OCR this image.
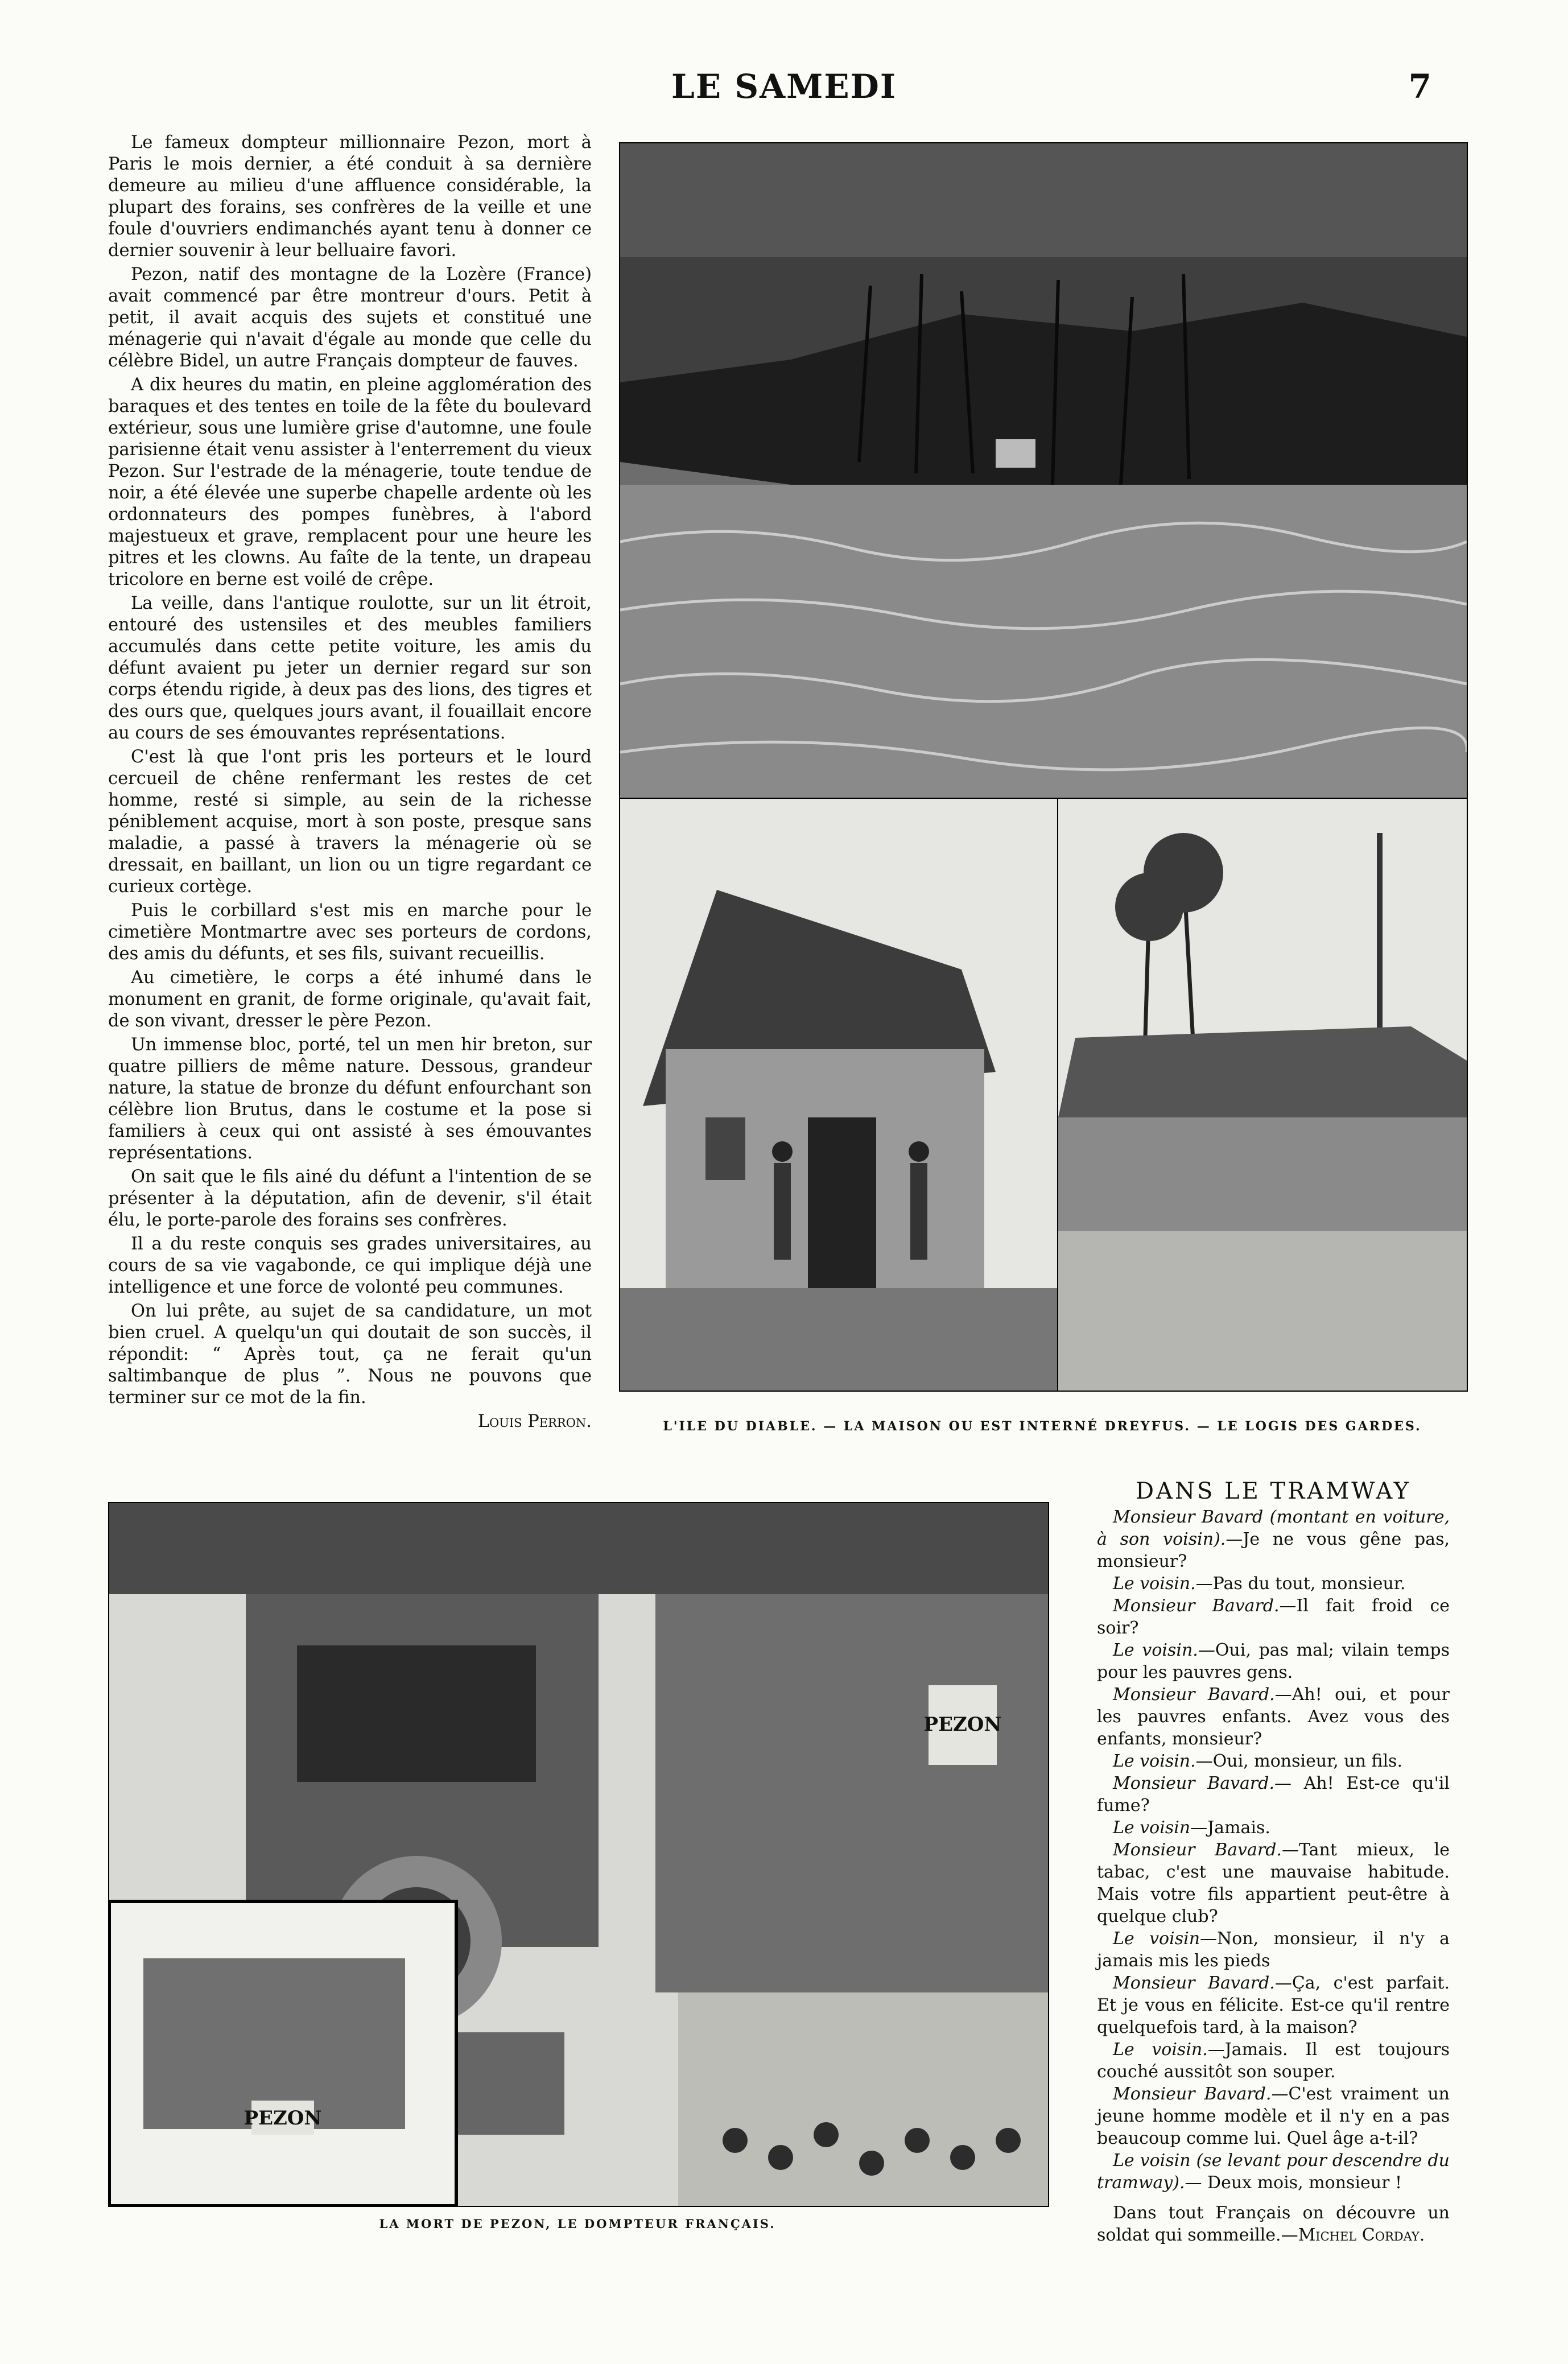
LE SAMEDI	7

Le fameux dompteur millionnaire Pezon, mort à Paris le mois dernier, a été conduit à sa dernière demeure au milieu d'une affluence considérable, la plupart des forains, ses confrères de la veille et une foule d'ouvriers endimanchés ayant tenu à donner ce dernier souvenir à leur belluaire favori.

Pezon, natif des montagne de la Lozère (France) avait commencé par être montreur d'ours. Petit à petit, il avait acquis des sujets et constitué une ménagerie qui n'avait d'égale au monde que celle du célèbre Bidel, un autre Français dompteur de fauves.

A dix heures du matin, en pleine agglomération des baraques et des tentes en toile de la fête du boulevard extérieur, sous une lumière grise d'automne, une foule parisienne était venu assister à l'enterrement du vieux Pezon. Sur l'estrade de la ménagerie, toute tendue de noir, a été élevée une superbe chapelle ardente où les ordonnateurs des pompes funèbres, à l'abord majestueux et grave, remplacent pour une heure les pitres et les clowns. Au faîte de la tente, un drapeau tricolore en berne est voilé de crêpe.

La veille, dans l'antique roulotte, sur un lit étroit, entouré des ustensiles et des meubles familiers accumulés dans cette petite voiture, les amis du défunt avaient pu jeter un dernier regard sur son corps étendu rigide, à deux pas des lions, des tigres et des ours que, quelques jours avant, il fouaillait encore au cours de ses émouvantes représentations.

C'est là que l'ont pris les porteurs et le lourd cercueil de chêne renfermant les restes de cet homme, resté si simple, au sein de la richesse péniblement acquise, mort à son poste, presque sans maladie, a passé à travers la ménagerie où se dressait, en baillant, un lion ou un tigre regardant ce curieux cortège.

Puis le corbillard s'est mis en marche pour le cimetière Montmartre avec ses porteurs de cordons, des amis du défunts, et ses fils, suivant recueillis.

Au cimetière, le corps a été inhumé dans le monument en granit, de forme originale, qu'avait fait, de son vivant, dresser le père Pezon.

Un immense bloc, porté, tel un men hir breton, sur quatre pilliers de même nature. Dessous, grandeur nature, la statue de bronze du défunt enfourchant son célèbre lion Brutus, dans le costume et la pose si familiers à ceux qui ont assisté à ses émouvantes représentations.

On sait que le fils ainé du défunt a l'intention de se présenter à la députation, afin de devenir, s'il était élu, le porte-parole des forains ses confrères.

Il a du reste conquis ses grades universitaires, au cours de sa vie vagabonde, ce qui implique déjà une intelligence et une force de volonté peu communes.

On lui prête, au sujet de sa candidature, un mot bien cruel. A quelqu'un qui doutait de son succès, il répondit: “ Après tout, ça ne ferait qu'un saltimbanque de plus ”. Nous ne pouvons que terminer sur ce mot de la fin.

Louis Perron.	L'ILE DU DIABLE. — LA MAISON OU EST INTERNÉ DREYFUS. — LE LOGIS DES GARDES.
PEZON
PEZON
LA MORT DE PEZON, LE DOMPTEUR FRANÇAIS.
DANS LE TRAMWAY

Monsieur Bavard (montant en voiture, à son voisin).—Je ne vous gêne pas, monsieur?

Le voisin.—Pas du tout, monsieur.

Monsieur Bavard.—Il fait froid ce soir?

Le voisin.—Oui, pas mal; vilain temps pour les pauvres gens.

Monsieur Bavard.—Ah! oui, et pour les pauvres enfants. Avez vous des enfants, monsieur?

Le voisin.—Oui, monsieur, un fils.

Monsieur Bavard.— Ah! Est-ce qu'il fume?

Le voisin—Jamais.

Monsieur Bavard.—Tant mieux, le tabac, c'est une mauvaise habitude. Mais votre fils appartient peut-être à quelque club?

Le voisin—Non, monsieur, il n'y a jamais mis les pieds

Monsieur Bavard.—Ça, c'est parfait. Et je vous en félicite. Est-ce qu'il rentre quelquefois tard, à la maison?

Le voisin.—Jamais. Il est toujours couché aussitôt son souper.

Monsieur Bavard.—C'est vraiment un jeune homme modèle et il n'y en a pas beaucoup comme lui. Quel âge a-t-il?

Le voisin (se levant pour descendre du tramway).— Deux mois, monsieur !

Dans tout Français on découvre un soldat qui sommeille.—Michel Corday.
